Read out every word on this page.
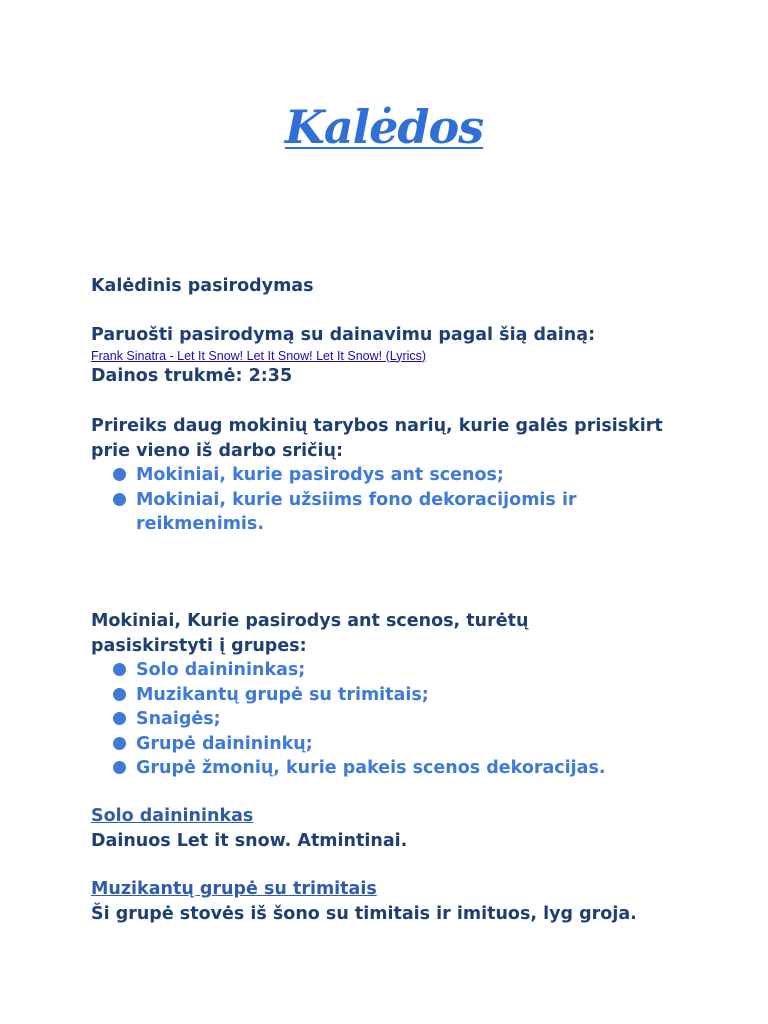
Kalėdos

Kalėdinis pasirodymas

Paruošti pasirodymą su dainavimu pagal šią dainą:

Frank Sinatra - Let It Snow! Let It Snow! Let It Snow! (Lyrics)

Dainos trukmė: 2:35

Prireiks daug mokinių tarybos narių, kurie galės prisiskirt

prie vieno iš darbo sričių:

Mokiniai, kurie pasirodys ant scenos;
Mokiniai, kurie užsiims fono dekoracijomis ir
reikmenimis.

Mokiniai, Kurie pasirodys ant scenos, turėtų

pasiskirstyti į grupes:

Solo dainininkas;
Muzikantų grupė su trimitais;
Snaigės;
Grupė dainininkų;
Grupė žmonių, kurie pakeis scenos dekoracijas.

Solo dainininkas

Dainuos Let it snow. Atmintinai.

Muzikantų grupė su trimitais

Ši grupė stovės iš šono su timitais ir imituos, lyg groja.
